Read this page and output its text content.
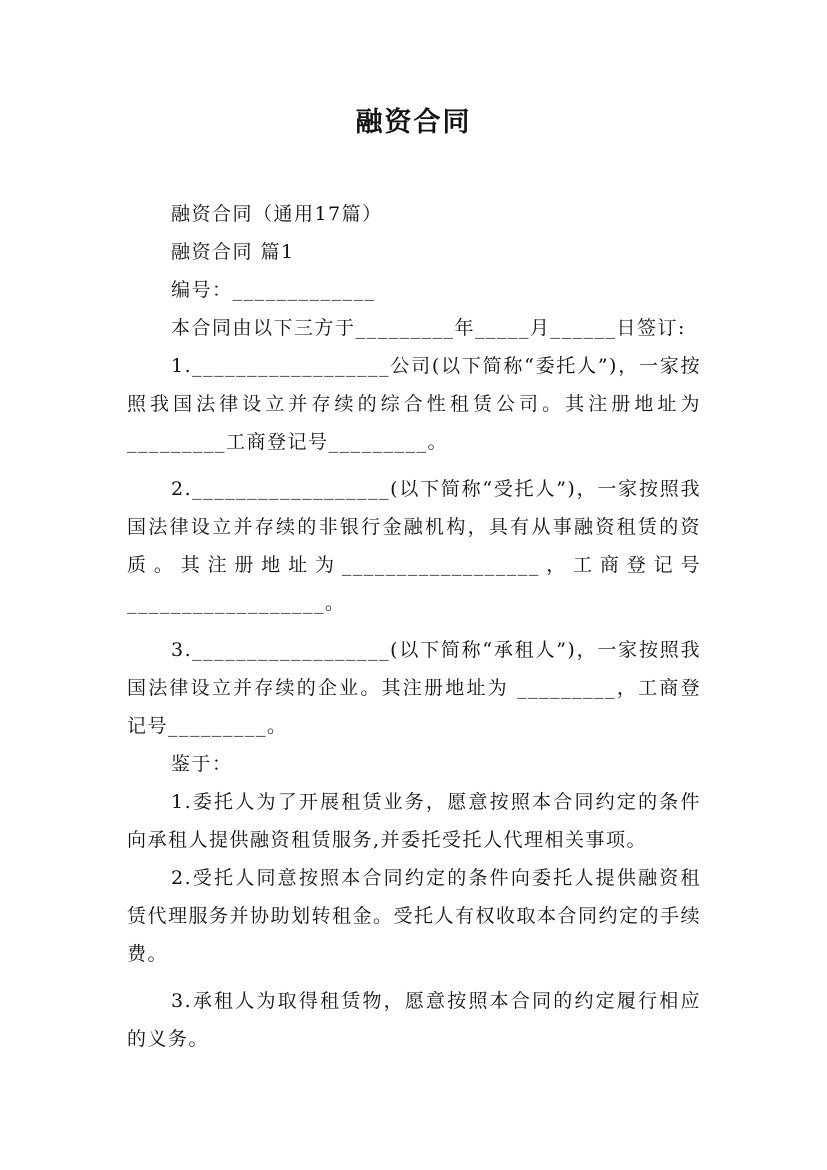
融资合同

融资合同（通用17篇）

融资合同 篇1

编号：_____________

本合同由以下三方于_________年_____月______日签订:

1.__________________公司(以下简称“委托人”)，一家按照我国法律设立并存续的综合性租赁公司。其注册地址为 _________工商登记号_________。

2.__________________(以下简称“受托人”)，一家按照我国法律设立并存续的非银行金融机构，具有从事融资租赁的资质。其注册地址为__________________，工商登记号__________________。

3.__________________(以下简称“承租人”)，一家按照我国法律设立并存续的企业。其注册地址为 _________，工商登记号_________。

鉴于：

1.委托人为了开展租赁业务，愿意按照本合同约定的条件向承租人提供融资租赁服务,并委托受托人代理相关事项。

2.受托人同意按照本合同约定的条件向委托人提供融资租赁代理服务并协助划转租金。受托人有权收取本合同约定的手续费。

3.承租人为取得租赁物，愿意按照本合同的约定履行相应的义务。
